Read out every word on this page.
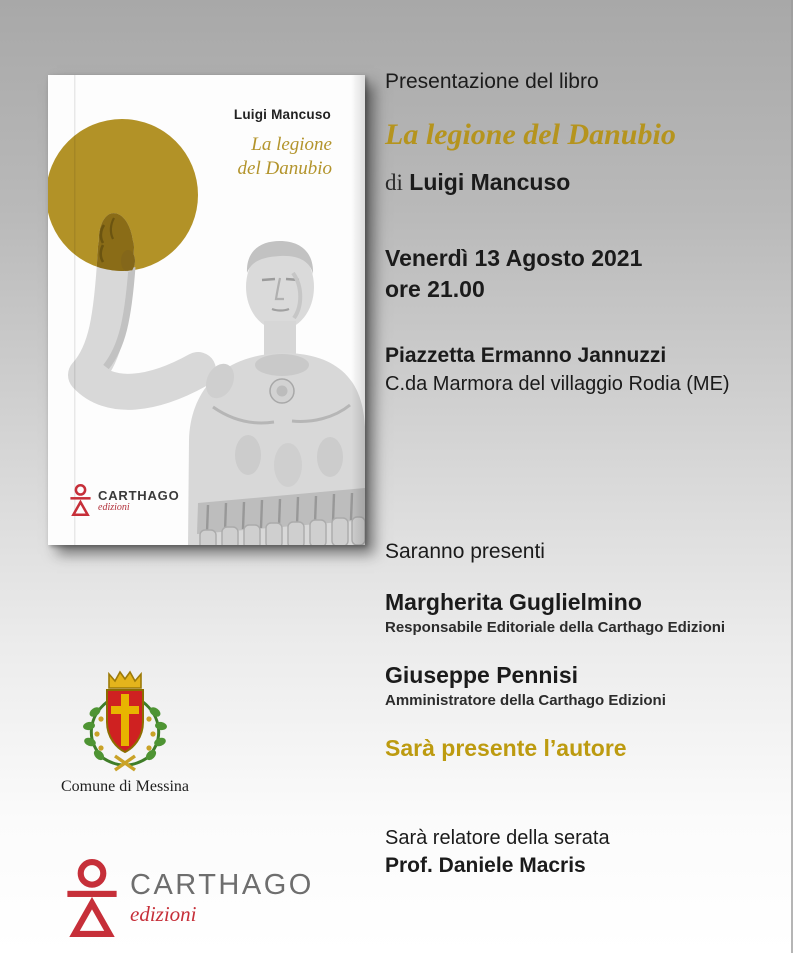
Luigi Mancuso
La legione
del Danubio
CARTHAGO
edizioni
Presentazione del libro
La legione del Danubio
di Luigi Mancuso
Venerdì 13 Agosto 2021
ore 21.00
Piazzetta Ermanno Jannuzzi
C.da Marmora del villaggio Rodia (ME)
Saranno presenti
Margherita Guglielmino
Responsabile Editoriale della Carthago Edizioni
Giuseppe Pennisi
Amministratore della Carthago Edizioni
Sarà presente l’autore
Sarà relatore della serata
Prof. Daniele Macris
Comune di Messina
CARTHAGO
edizioni
